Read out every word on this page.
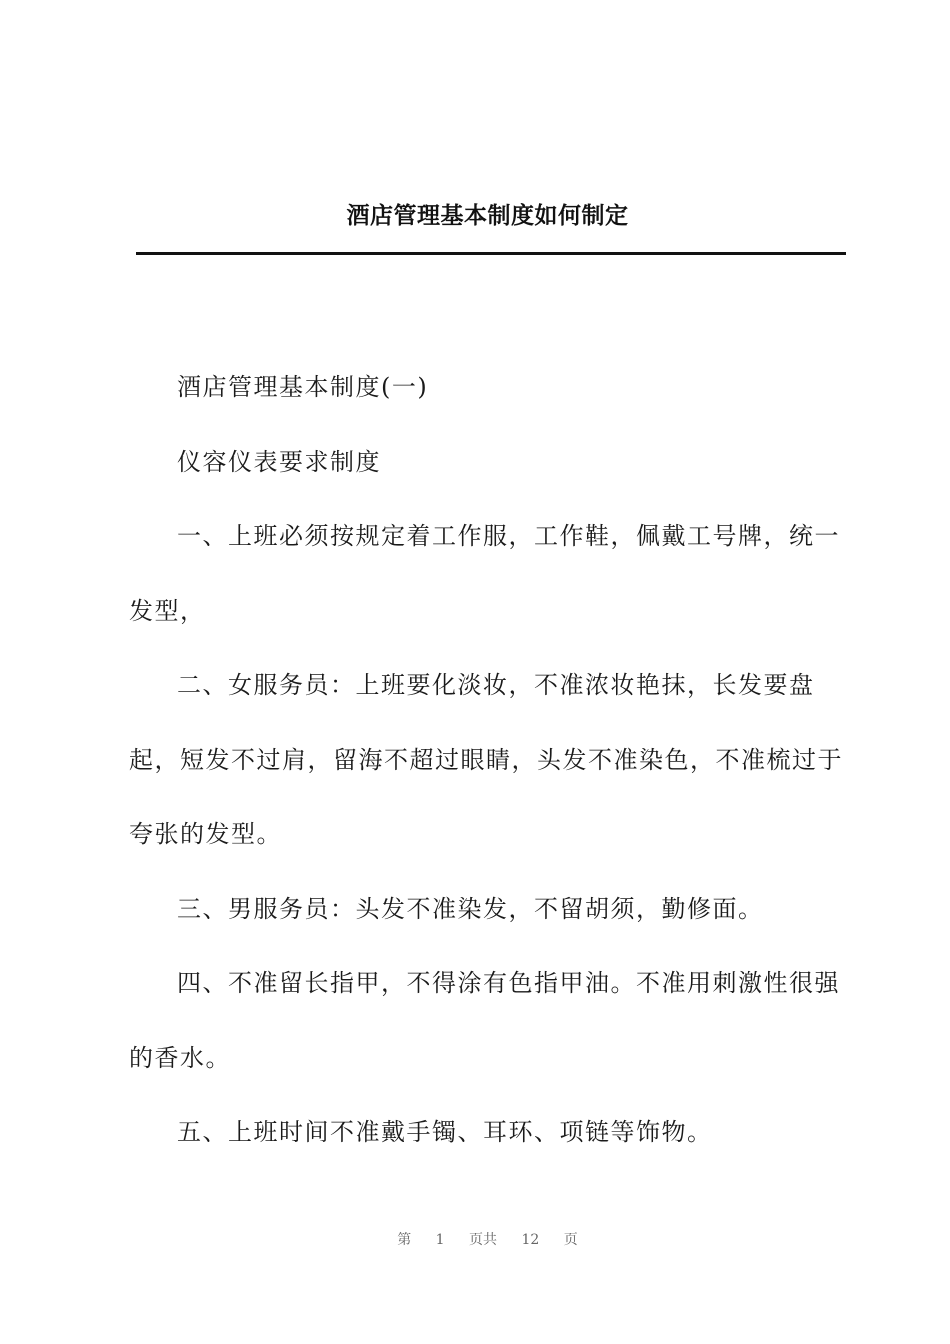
酒店管理基本制度如何制定

酒店管理基本制度(一)

仪容仪表要求制度

一、上班必须按规定着工作服，工作鞋，佩戴工号牌，统一发型，

二、女服务员：上班要化淡妆，不准浓妆艳抹，长发要盘起，短发不过肩，留海不超过眼睛，头发不准染色，不准梳过于夸张的发型。

三、男服务员：头发不准染发，不留胡须，勤修面。

四、不准留长指甲，不得涂有色指甲油。不准用刺激性很强的香水。

五、上班时间不准戴手镯、耳环、项链等饰物。

第 1 页共 12 页
